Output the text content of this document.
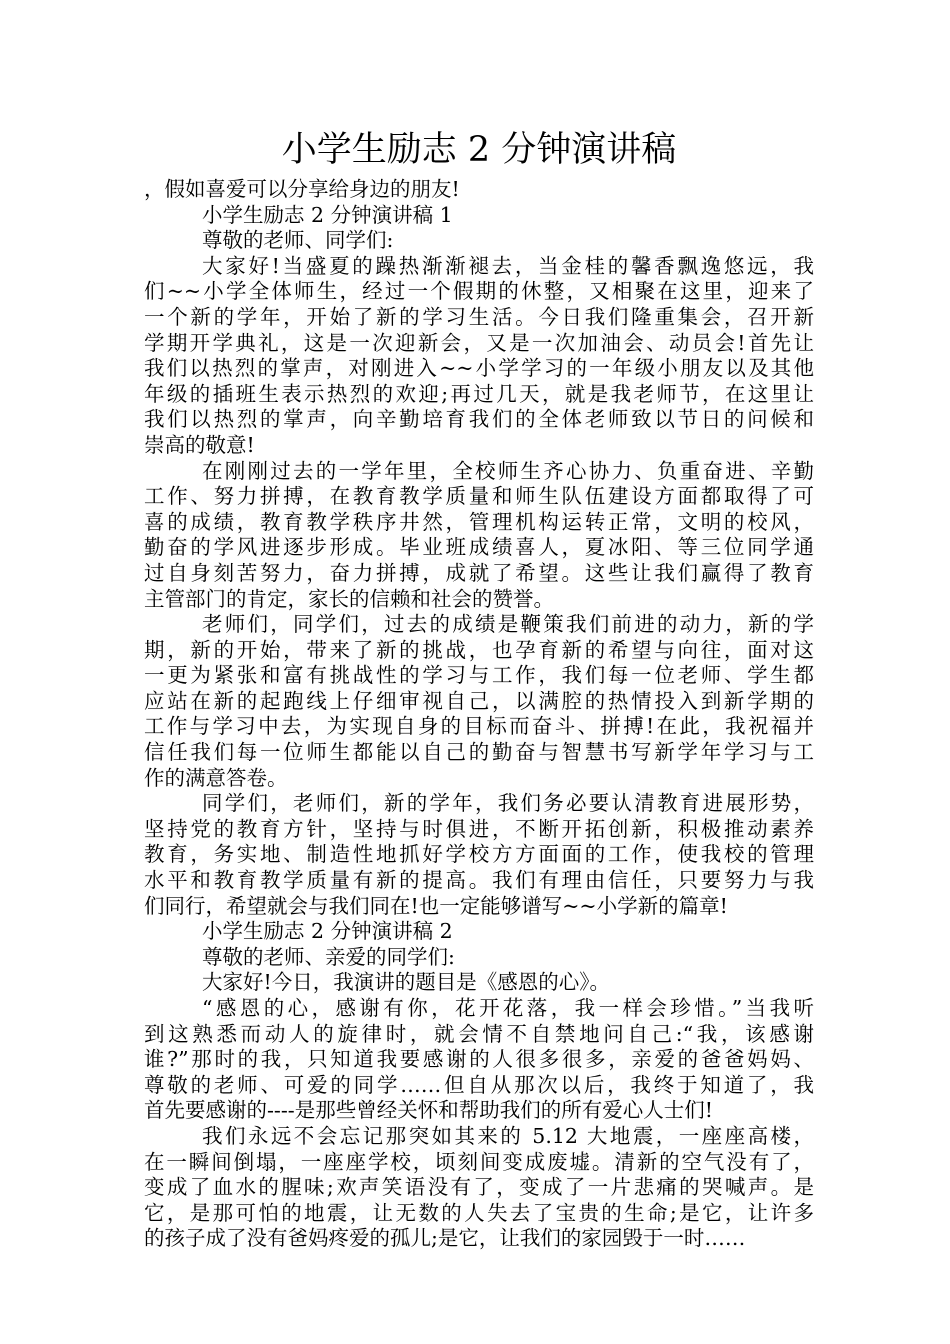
小学生励志 2 分钟演讲稿
，假如喜爱可以分享给身边的朋友!
小学生励志 2 分钟演讲稿 1
尊敬的老师、同学们:
大家好!当盛夏的躁热渐渐褪去，当金桂的馨香飘逸悠远，我
们~~小学全体师生，经过一个假期的休整，又相聚在这里，迎来了
一个新的学年，开始了新的学习生活。今日我们隆重集会，召开新
学期开学典礼，这是一次迎新会，又是一次加油会、动员会!首先让
我们以热烈的掌声，对刚进入~~小学学习的一年级小朋友以及其他
年级的插班生表示热烈的欢迎;再过几天，就是我老师节，在这里让
我们以热烈的掌声，向辛勤培育我们的全体老师致以节日的问候和
崇高的敬意!
在刚刚过去的一学年里，全校师生齐心协力、负重奋进、辛勤
工作、努力拼搏，在教育教学质量和师生队伍建设方面都取得了可
喜的成绩，教育教学秩序井然，管理机构运转正常，文明的校风，
勤奋的学风进逐步形成。毕业班成绩喜人，夏冰阳、等三位同学通
过自身刻苦努力，奋力拼搏，成就了希望。这些让我们赢得了教育
主管部门的肯定，家长的信赖和社会的赞誉。
老师们，同学们，过去的成绩是鞭策我们前进的动力，新的学
期，新的开始，带来了新的挑战，也孕育新的希望与向往，面对这
一更为紧张和富有挑战性的学习与工作，我们每一位老师、学生都
应站在新的起跑线上仔细审视自己，以满腔的热情投入到新学期的
工作与学习中去，为实现自身的目标而奋斗、拼搏!在此，我祝福并
信任我们每一位师生都能以自己的勤奋与智慧书写新学年学习与工
作的满意答卷。
同学们，老师们，新的学年，我们务必要认清教育进展形势，
坚持党的教育方针，坚持与时俱进，不断开拓创新，积极推动素养
教育，务实地、制造性地抓好学校方方面面的工作，使我校的管理
水平和教育教学质量有新的提高。我们有理由信任，只要努力与我
们同行，希望就会与我们同在!也一定能够谱写~~小学新的篇章!
小学生励志 2 分钟演讲稿 2
尊敬的老师、亲爱的同学们:
大家好!今日，我演讲的题目是《感恩的心》。
“感恩的心，感谢有你，花开花落，我一样会珍惜。”当我听
到这熟悉而动人的旋律时，就会情不自禁地问自己:“我，该感谢
谁?”那时的我，只知道我要感谢的人很多很多，亲爱的爸爸妈妈、
尊敬的老师、可爱的同学……但自从那次以后，我终于知道了，我
首先要感谢的----是那些曾经关怀和帮助我们的所有爱心人士们!
我们永远不会忘记那突如其来的 5.12 大地震，一座座高楼，
在一瞬间倒塌，一座座学校，顷刻间变成废墟。清新的空气没有了，
变成了血水的腥味;欢声笑语没有了，变成了一片悲痛的哭喊声。是
它，是那可怕的地震，让无数的人失去了宝贵的生命;是它，让许多
的孩子成了没有爸妈疼爱的孤儿;是它，让我们的家园毁于一时……
